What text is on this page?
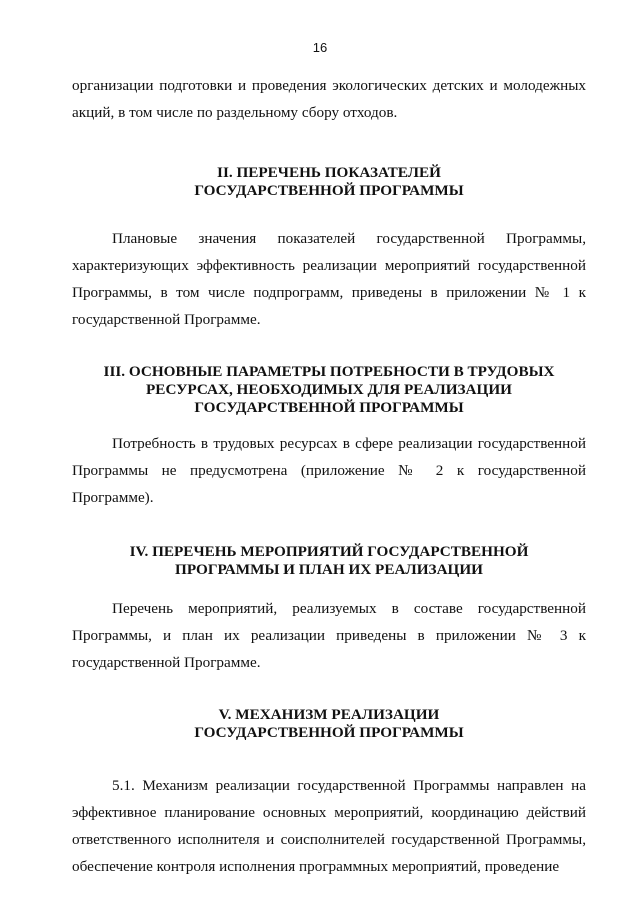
16

организации подготовки и проведения экологических детских и молодежных акций, в том числе по раздельному сбору отходов.

II. ПЕРЕЧЕНЬ ПОКАЗАТЕЛЕЙ
ГОСУДАРСТВЕННОЙ ПРОГРАММЫ

Плановые значения показателей государственной Программы, характеризующих эффективность реализации мероприятий государственной Программы, в том числе подпрограмм, приведены в приложении № 1 к государственной Программе.

III. ОСНОВНЫЕ ПАРАМЕТРЫ ПОТРЕБНОСТИ В ТРУДОВЫХ
РЕСУРСАХ, НЕОБХОДИМЫХ ДЛЯ РЕАЛИЗАЦИИ
ГОСУДАРСТВЕННОЙ ПРОГРАММЫ

Потребность в трудовых ресурсах в сфере реализации государственной Программы не предусмотрена (приложение № 2 к государственной Программе).

IV. ПЕРЕЧЕНЬ МЕРОПРИЯТИЙ ГОСУДАРСТВЕННОЙ
ПРОГРАММЫ И ПЛАН ИХ РЕАЛИЗАЦИИ

Перечень мероприятий, реализуемых в составе государственной Программы, и план их реализации приведены в приложении № 3 к государственной Программе.

V. МЕХАНИЗМ РЕАЛИЗАЦИИ
ГОСУДАРСТВЕННОЙ ПРОГРАММЫ

5.1. Механизм реализации государственной Программы направлен на эффективное планирование основных мероприятий, координацию действий ответственного исполнителя и соисполнителей государственной Программы, обеспечение контроля исполнения программных мероприятий, проведение
